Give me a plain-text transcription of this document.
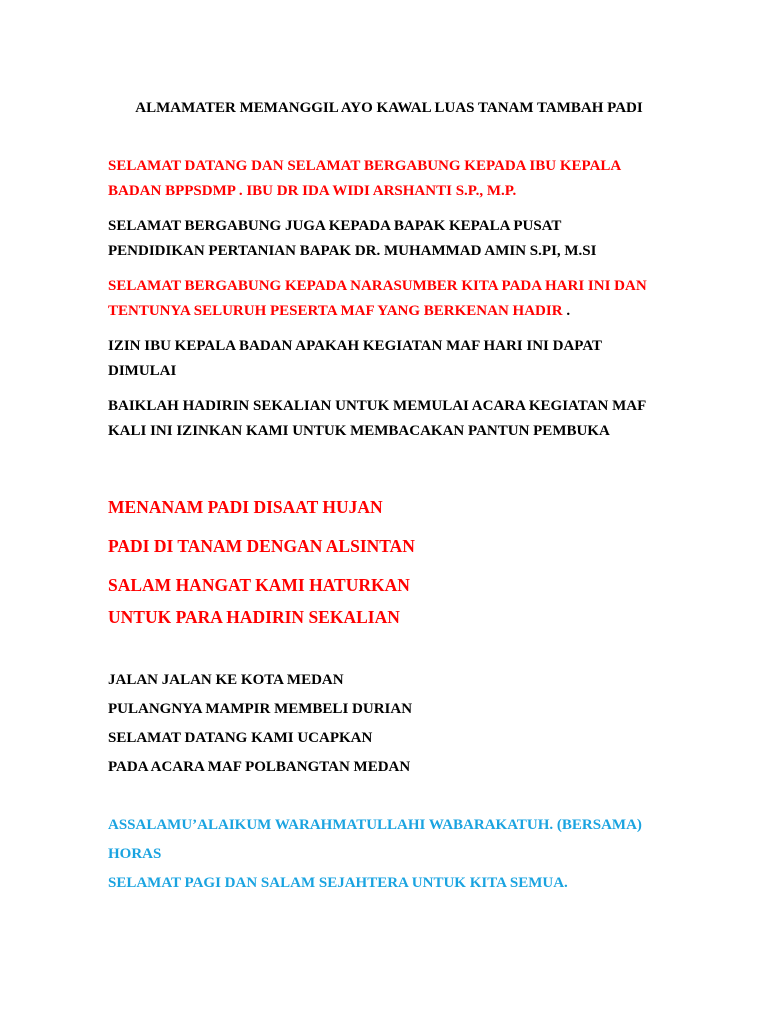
ALMAMATER MEMANGGIL AYO KAWAL LUAS TANAM TAMBAH PADI
SELAMAT DATANG DAN SELAMAT BERGABUNG KEPADA IBU KEPALA
BADAN BPPSDMP . IBU DR IDA WIDI ARSHANTI S.P., M.P.
SELAMAT BERGABUNG JUGA KEPADA BAPAK KEPALA PUSAT
PENDIDIKAN PERTANIAN BAPAK DR. MUHAMMAD AMIN S.PI, M.SI
SELAMAT BERGABUNG KEPADA NARASUMBER KITA PADA HARI INI DAN
TENTUNYA SELURUH PESERTA MAF YANG BERKENAN HADIR .
IZIN IBU KEPALA BADAN APAKAH KEGIATAN MAF HARI INI DAPAT
DIMULAI
BAIKLAH HADIRIN SEKALIAN UNTUK MEMULAI ACARA KEGIATAN MAF
KALI INI IZINKAN KAMI UNTUK MEMBACAKAN PANTUN PEMBUKA
MENANAM PADI DISAAT HUJAN
PADI DI TANAM DENGAN ALSINTAN
SALAM HANGAT KAMI HATURKAN
UNTUK PARA HADIRIN SEKALIAN
JALAN JALAN KE KOTA MEDAN
PULANGNYA MAMPIR MEMBELI DURIAN
SELAMAT DATANG KAMI UCAPKAN
PADA ACARA MAF POLBANGTAN MEDAN
ASSALAMU’ALAIKUM WARAHMATULLAHI WABARAKATUH. (BERSAMA)
HORAS
SELAMAT PAGI DAN SALAM SEJAHTERA UNTUK KITA SEMUA.
